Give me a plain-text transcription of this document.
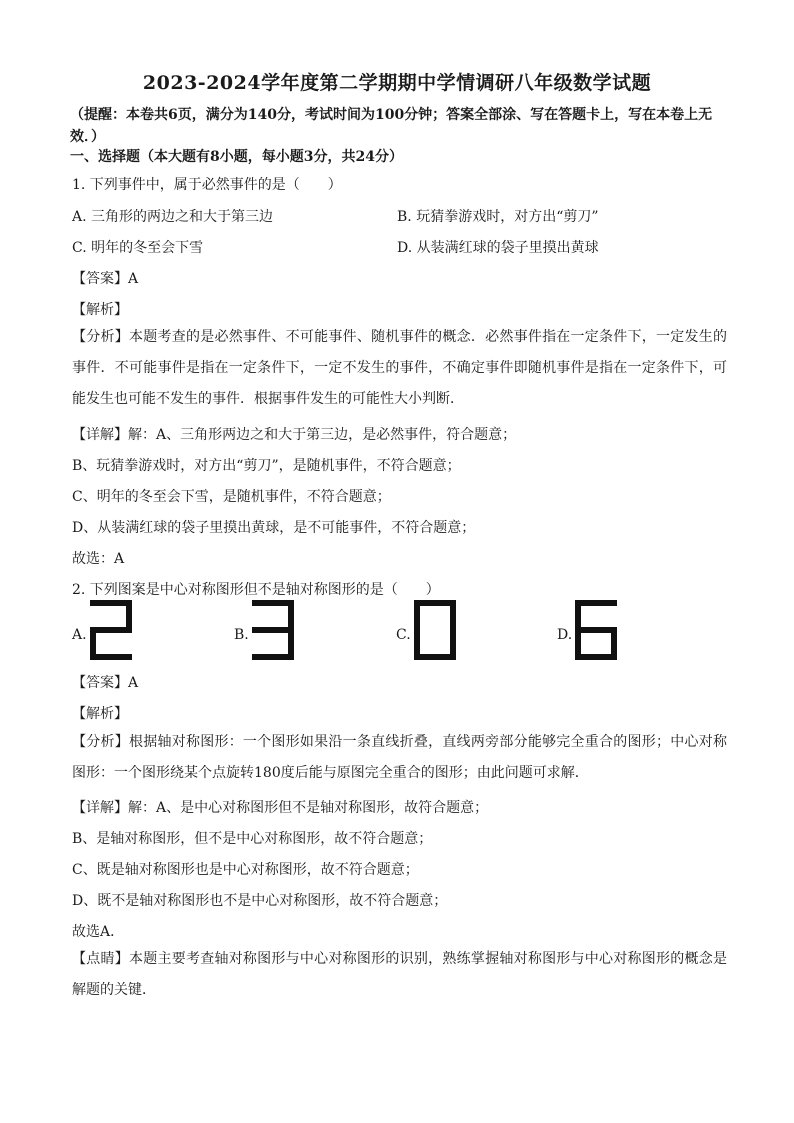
2023-2024学年度第二学期期中学情调研八年级数学试题
（提醒：本卷共6页，满分为140分，考试时间为100分钟；答案全部涂、写在答题卡上，写在本卷上无效．）
一、选择题（本大题有8小题，每小题3分，共24分）
1. 下列事件中，属于必然事件的是（　　）
A. 三角形的两边之和大于第三边	B. 玩猜拳游戏时，对方出“剪刀”
C. 明年的冬至会下雪	D. 从装满红球的袋子里摸出黄球
【答案】A
【解析】
【分析】本题考查的是必然事件、不可能事件、随机事件的概念．必然事件指在一定条件下，一定发生的事件．不可能事件是指在一定条件下，一定不发生的事件，不确定事件即随机事件是指在一定条件下，可能发生也可能不发生的事件．根据事件发生的可能性大小判断．
【详解】解：A、三角形两边之和大于第三边，是必然事件，符合题意；
B、玩猜拳游戏时，对方出“剪刀”，是随机事件，不符合题意；
C、明年的冬至会下雪，是随机事件，不符合题意；
D、从装满红球的袋子里摸出黄球，是不可能事件，不符合题意；
故选：A
2. 下列图案是中心对称图形但不是轴对称图形的是（　　）
A.	B.	C.	D.
【答案】A
【解析】
【分析】根据轴对称图形：一个图形如果沿一条直线折叠，直线两旁部分能够完全重合的图形；中心对称图形：一个图形绕某个点旋转180度后能与原图完全重合的图形；由此问题可求解．
【详解】解：A、是中心对称图形但不是轴对称图形，故符合题意；
B、是轴对称图形，但不是中心对称图形，故不符合题意；
C、既是轴对称图形也是中心对称图形，故不符合题意；
D、既不是轴对称图形也不是中心对称图形，故不符合题意；
故选A．
【点睛】本题主要考查轴对称图形与中心对称图形的识别，熟练掌握轴对称图形与中心对称图形的概念是解题的关键．
